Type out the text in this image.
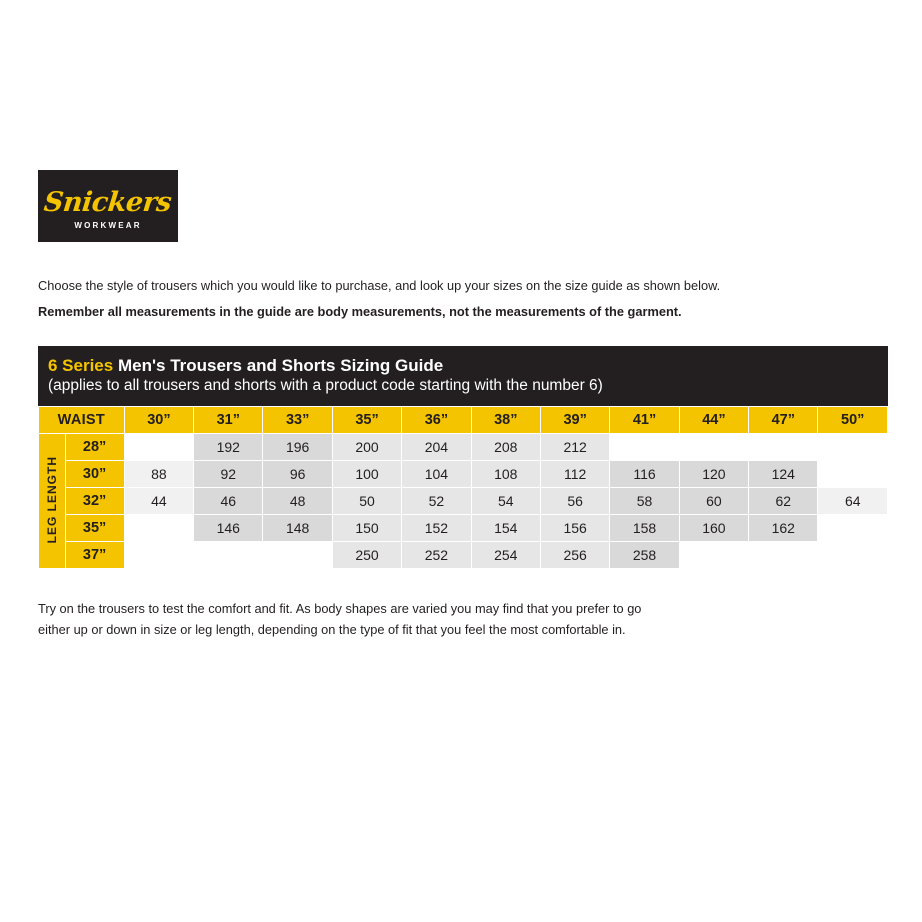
Snickers
WORKWEAR
Choose the style of trousers which you would like to purchase, and look up your sizes on the size guide as shown below.
Remember all measurements in the guide are body measurements, not the measurements of the garment.
6 Series Men's Trousers and Shorts Sizing Guide
(applies to all trousers and shorts with a product code starting with the number 6)
WAIST		30”	31”	33”	35”	36”	38”	39”	41”	44”	47”	50”
LEG LENGTH	28”		192	196	200	204	208	212				
	30”	88	92	96	100	104	108	112	116	120	124	
	32”	44	46	48	50	52	54	56	58	60	62	64
	35”		146	148	150	152	154	156	158	160	162	
	37”				250	252	254	256	258			
Try on the trousers to test the comfort and fit. As body shapes are varied you may find that you prefer to go
either up or down in size or leg length, depending on the type of fit that you feel the most comfortable in.
